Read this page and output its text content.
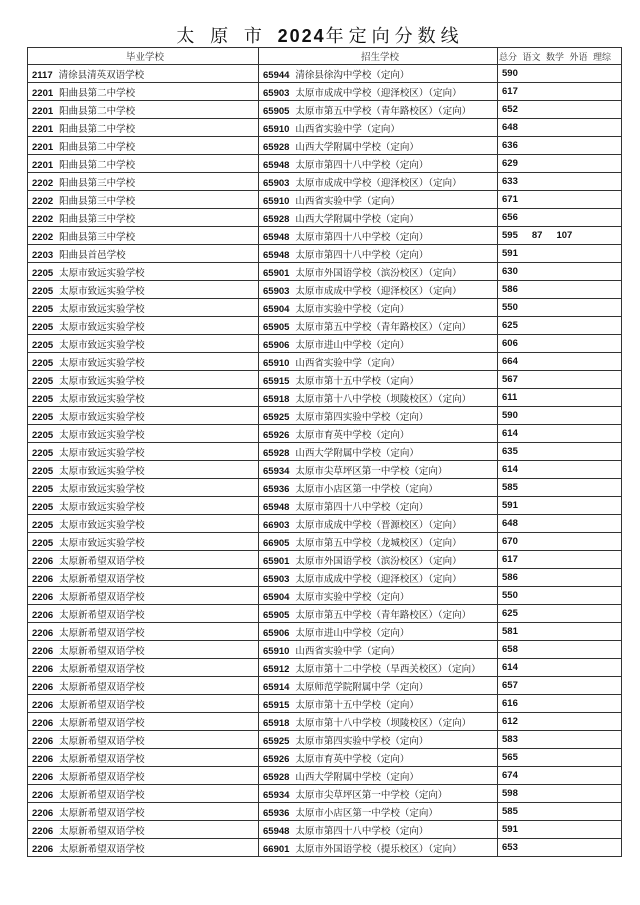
太 原 市 2024年定向分数线
毕业学校	招生学校	总分 语文 数学 外语 理综
2117 清徐县清英双语学校	65944 清徐县徐沟中学校（定向）	590
2201 阳曲县第二中学校	65903 太原市成成中学校（迎泽校区）（定向）	617
2201 阳曲县第二中学校	65905 太原市第五中学校（青年路校区）（定向）	652
2201 阳曲县第二中学校	65910 山西省实验中学（定向）	648
2201 阳曲县第二中学校	65928 山西大学附属中学校（定向）	636
2201 阳曲县第二中学校	65948 太原市第四十八中学校（定向）	629
2202 阳曲县第三中学校	65903 太原市成成中学校（迎泽校区）（定向）	633
2202 阳曲县第三中学校	65910 山西省实验中学（定向）	671
2202 阳曲县第三中学校	65928 山西大学附属中学校（定向）	656
2202 阳曲县第三中学校	65948 太原市第四十八中学校（定向）	595 87 107
2203 阳曲县首邑学校	65948 太原市第四十八中学校（定向）	591
2205 太原市致远实验学校	65901 太原市外国语学校（滨汾校区）（定向）	630
2205 太原市致远实验学校	65903 太原市成成中学校（迎泽校区）（定向）	586
2205 太原市致远实验学校	65904 太原市实验中学校（定向）	550
2205 太原市致远实验学校	65905 太原市第五中学校（青年路校区）（定向）	625
2205 太原市致远实验学校	65906 太原市进山中学校（定向）	606
2205 太原市致远实验学校	65910 山西省实验中学（定向）	664
2205 太原市致远实验学校	65915 太原市第十五中学校（定向）	567
2205 太原市致远实验学校	65918 太原市第十八中学校（坝陵校区）（定向）	611
2205 太原市致远实验学校	65925 太原市第四实验中学校（定向）	590
2205 太原市致远实验学校	65926 太原市育英中学校（定向）	614
2205 太原市致远实验学校	65928 山西大学附属中学校（定向）	635
2205 太原市致远实验学校	65934 太原市尖草坪区第一中学校（定向）	614
2205 太原市致远实验学校	65936 太原市小店区第一中学校（定向）	585
2205 太原市致远实验学校	65948 太原市第四十八中学校（定向）	591
2205 太原市致远实验学校	66903 太原市成成中学校（晋源校区）（定向）	648
2205 太原市致远实验学校	66905 太原市第五中学校（龙城校区）（定向）	670
2206 太原新希望双语学校	65901 太原市外国语学校（滨汾校区）（定向）	617
2206 太原新希望双语学校	65903 太原市成成中学校（迎泽校区）（定向）	586
2206 太原新希望双语学校	65904 太原市实验中学校（定向）	550
2206 太原新希望双语学校	65905 太原市第五中学校（青年路校区）（定向）	625
2206 太原新希望双语学校	65906 太原市进山中学校（定向）	581
2206 太原新希望双语学校	65910 山西省实验中学（定向）	658
2206 太原新希望双语学校	65912 太原市第十二中学校（旱西关校区）（定向）	614
2206 太原新希望双语学校	65914 太原师范学院附属中学（定向）	657
2206 太原新希望双语学校	65915 太原市第十五中学校（定向）	616
2206 太原新希望双语学校	65918 太原市第十八中学校（坝陵校区）（定向）	612
2206 太原新希望双语学校	65925 太原市第四实验中学校（定向）	583
2206 太原新希望双语学校	65926 太原市育英中学校（定向）	565
2206 太原新希望双语学校	65928 山西大学附属中学校（定向）	674
2206 太原新希望双语学校	65934 太原市尖草坪区第一中学校（定向）	598
2206 太原新希望双语学校	65936 太原市小店区第一中学校（定向）	585
2206 太原新希望双语学校	65948 太原市第四十八中学校（定向）	591
2206 太原新希望双语学校	66901 太原市外国语学校（提乐校区）（定向）	653
